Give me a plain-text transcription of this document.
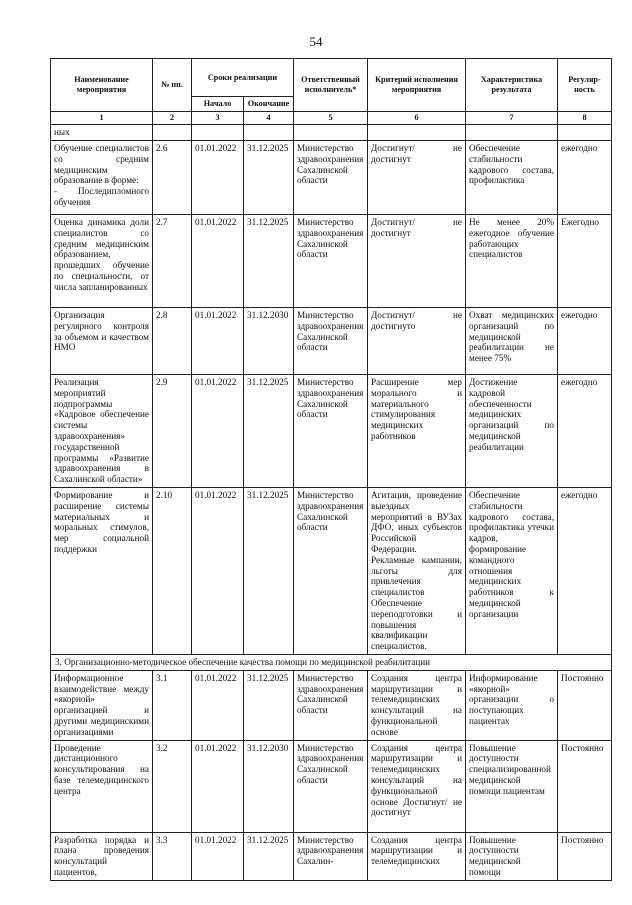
54
Наименование мероприятия	№ пп.	Сроки реализации		Ответственный исполнитель*	Критерий исполнения мероприятия	Характеристика результата	Регуляр-ность
		Начало	Окончание				
1	2	3	4	5	6	7	8
ных							
Обучение специалистов со средним медицинским образование в форме:
- Последипломного обучения	2.6	01.01.2022	31.12.2025	Министерство здравоохранения Сахалинской области	Достигнут/ не достигнут	Обеспечение стабильности кадрового состава, профилактика	ежегодно
Оценка динамика доли специалистов со средним медицинским образованием, прошедших обучение по специальности, от числа запланированных	2.7	01.01.2022	31.12.2025	Министерство здравоохранения Сахалинской области	Достигнут/ не достигнут	Не менее 20% ежегодное обучение работающих специалистов	Ежегодно
Организация регулярного контроля за объемом и качеством НМО	2.8	01.01.2022	31.12.2030	Министерство здравоохранения Сахалинской области	Достигнут/ не достигнуто	Охват медицинских организаций по медицинской реабилитации не менее 75%	ежегодно
Реализация мероприятий подпрограммы «Кадровое обеспечение системы здравоохранения» государственной программы «Развитие здравоохранения в Сахалинской области»	2.9	01.01.2022	31.12.2025	Министерство здравоохранения Сахалинской области	Расширение мер морального и материального стимулирования медицинских работников	Достижение кадровой обеспеченности медицинских организаций по медицинской реабилитации	ежегодно
Формирование и расширение системы материальных и моральных стимулов, мер социальной поддержки	2.10	01.01.2022	31.12.2025	Министерство здравоохранения Сахалинской области	Агитация, проведение выездных мероприятий в ВУЗах ДФО, иных субъектов Российской Федерации. Рекламные кампании, льготы для привлечения специалистов Обеспечение переподготовки и повышения квалификации специалистов.	Обеспечение стабильности кадрового состава, профилактика утечки кадров, формирование командного отношения медицинских работников к медицинской организации	ежегодно
3. Организационно-методическое обеспечение качества помощи по медицинской реабилитации							
Информационное взаимодействие между «якорной» организацией и другими медицинскими организациями	3.1	01.01.2022	31.12.2025	Министерство здравоохранения Сахалинской области	Создания центра маршрутизации и телемедицинских консультаций на функциональной основе	Информирование «якорной» организации о поступающих пациентах	Постоянно
Проведение дистанционного консультирования на базе телемедицинского центра	3.2	01.01.2022	31.12.2030	Министерство здравоохранения Сахалинской области	Создания центра маршрутизации и телемедицинских консультаций на функциональной основе Достигнут/ не достигнут	Повышение доступности специализированной медицинской помощи пациентам	Постоянно
Разработка порядка и плана проведения консультаций пациентов,	3.3	01.01.2022	31.12.2025	Министерство здравоохранения Сахалин-	Создания центра маршрутизации и телемедицинских	Повышение доступности медицинской помощи	Постоянно
